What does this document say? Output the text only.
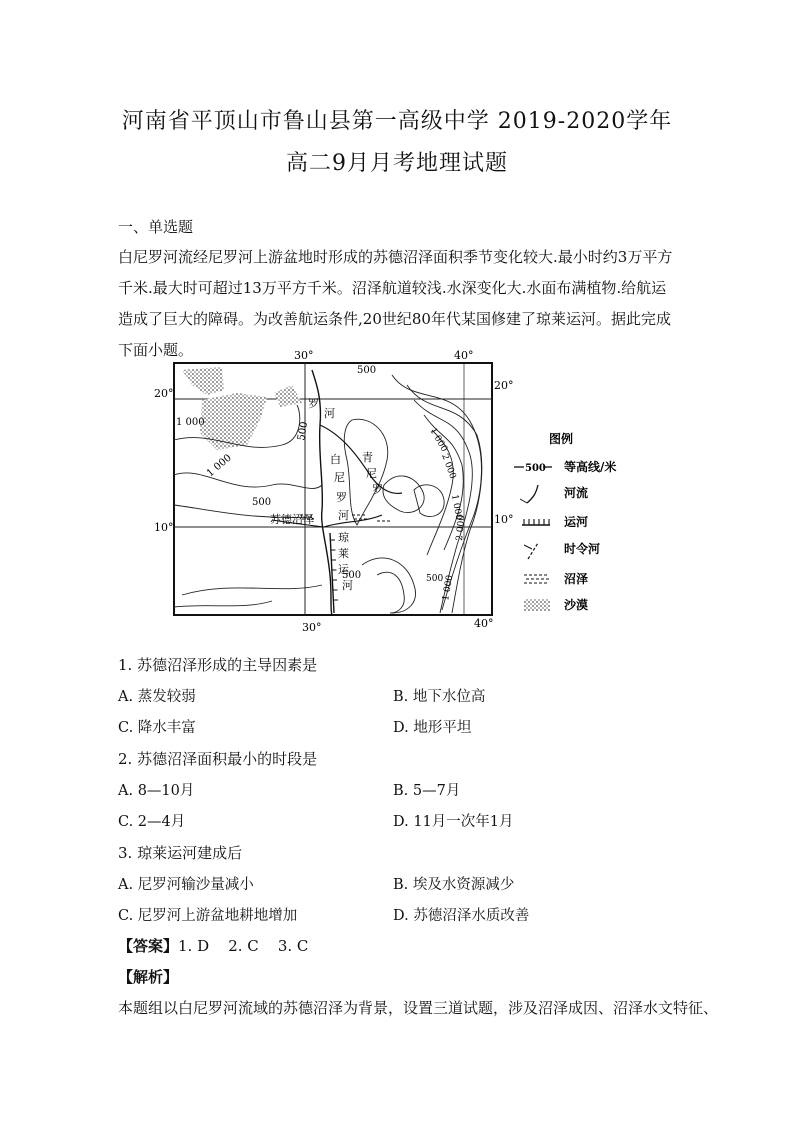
河南省平顶山市鲁山县第一高级中学 2019-2020学年
高二9月月考地理试题
一、单选题
白尼罗河流经尼罗河上游盆地时形成的苏德沼泽面积季节变化较大.最小时约3万平方千米.最大时可超过13万平方千米。沼泽航道较浅.水深变化大.水面布满植物.给航运造成了巨大的障碍。为改善航运条件,20世纪80年代某国修建了琼莱运河。据此完成下面小题。	30°	40°
30°	40°
20°
20°
10°
10°
1 000
1 000
500
500
500
500
1 000
2 000
1 000
500
1 000
2 000
罗
河
白
尼
罗
河
苏德沼泽
琼
莱
运
河
青
尼
罗
图例
500 等高线/米
河流
运河
时令河
沼泽
沙漠
1. 苏德沼泽形成的主导因素是
A. 蒸发较弱	B. 地下水位高
C. 降水丰富	D. 地形平坦
2. 苏德沼泽面积最小的时段是
A. 8—10月	B. 5—7月
C. 2—4月	D. 11月一次年1月
3. 琼莱运河建成后
A. 尼罗河输沙量减小	B. 埃及水资源减少
C. 尼罗河上游盆地耕地增加	D. 苏德沼泽水质改善
【答案】1. D    2. C    3. C
【解析】
本题组以白尼罗河流域的苏德沼泽为背景，设置三道试题，涉及沼泽成因、沼泽水文特征、
